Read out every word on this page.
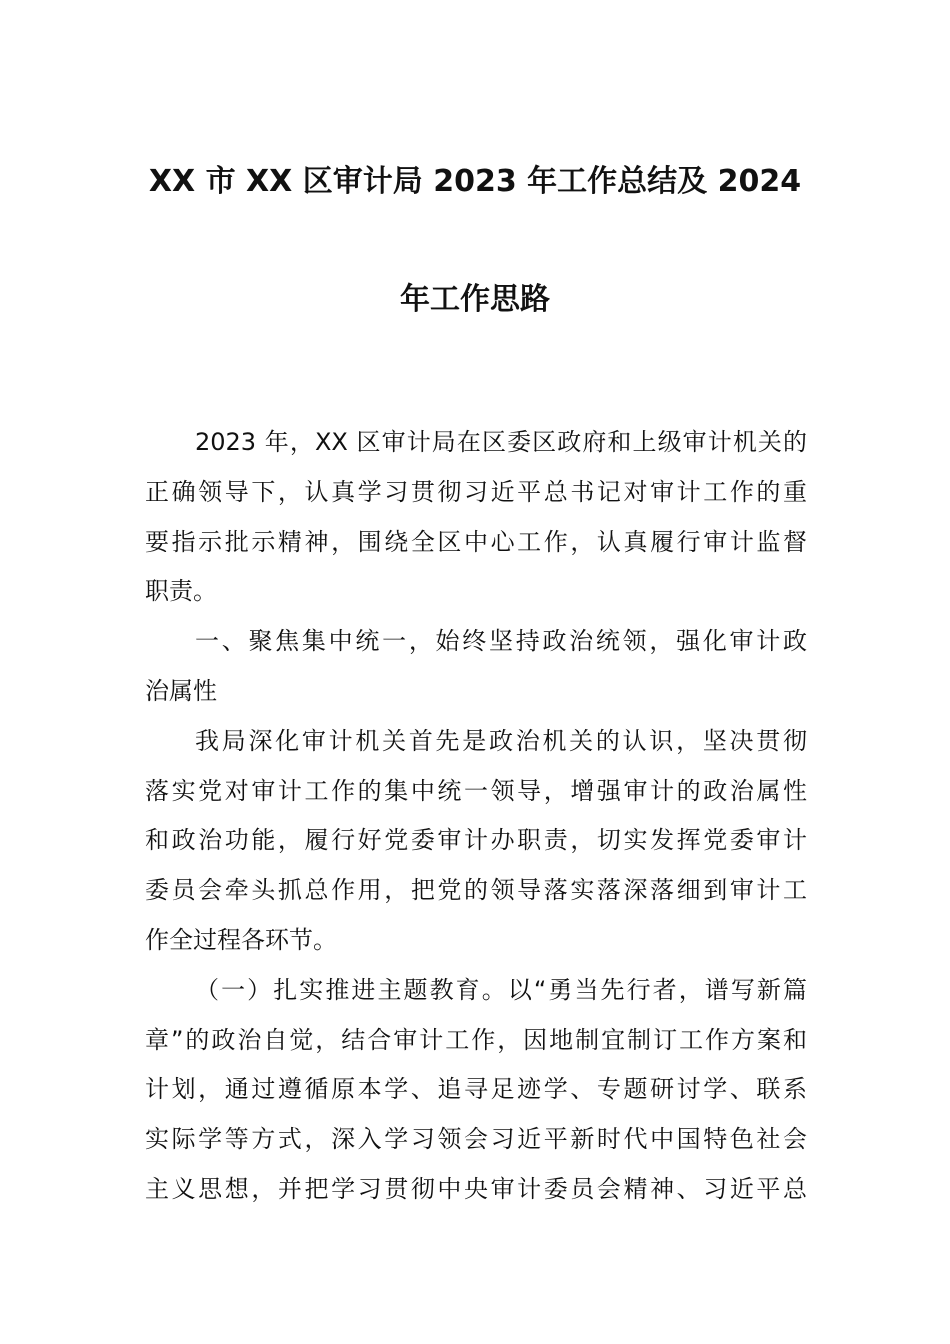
XX 市 XX 区审计局 2023 年工作总结及 2024
年工作思路
2023 年，XX 区审计局在区委区政府和上级审计机关的
正确领导下，认真学习贯彻习近平总书记对审计工作的重
要指示批示精神，围绕全区中心工作，认真履行审计监督
职责。
一、聚焦集中统一，始终坚持政治统领，强化审计政
治属性
我局深化审计机关首先是政治机关的认识，坚决贯彻
落实党对审计工作的集中统一领导，增强审计的政治属性
和政治功能，履行好党委审计办职责，切实发挥党委审计
委员会牵头抓总作用，把党的领导落实落深落细到审计工
作全过程各环节。
（一）扎实推进主题教育。以“勇当先行者，谱写新篇
章”的政治自觉，结合审计工作，因地制宜制订工作方案和
计划，通过遵循原本学、追寻足迹学、专题研讨学、联系
实际学等方式，深入学习领会习近平新时代中国特色社会
主义思想，并把学习贯彻中央审计委员会精神、习近平总
